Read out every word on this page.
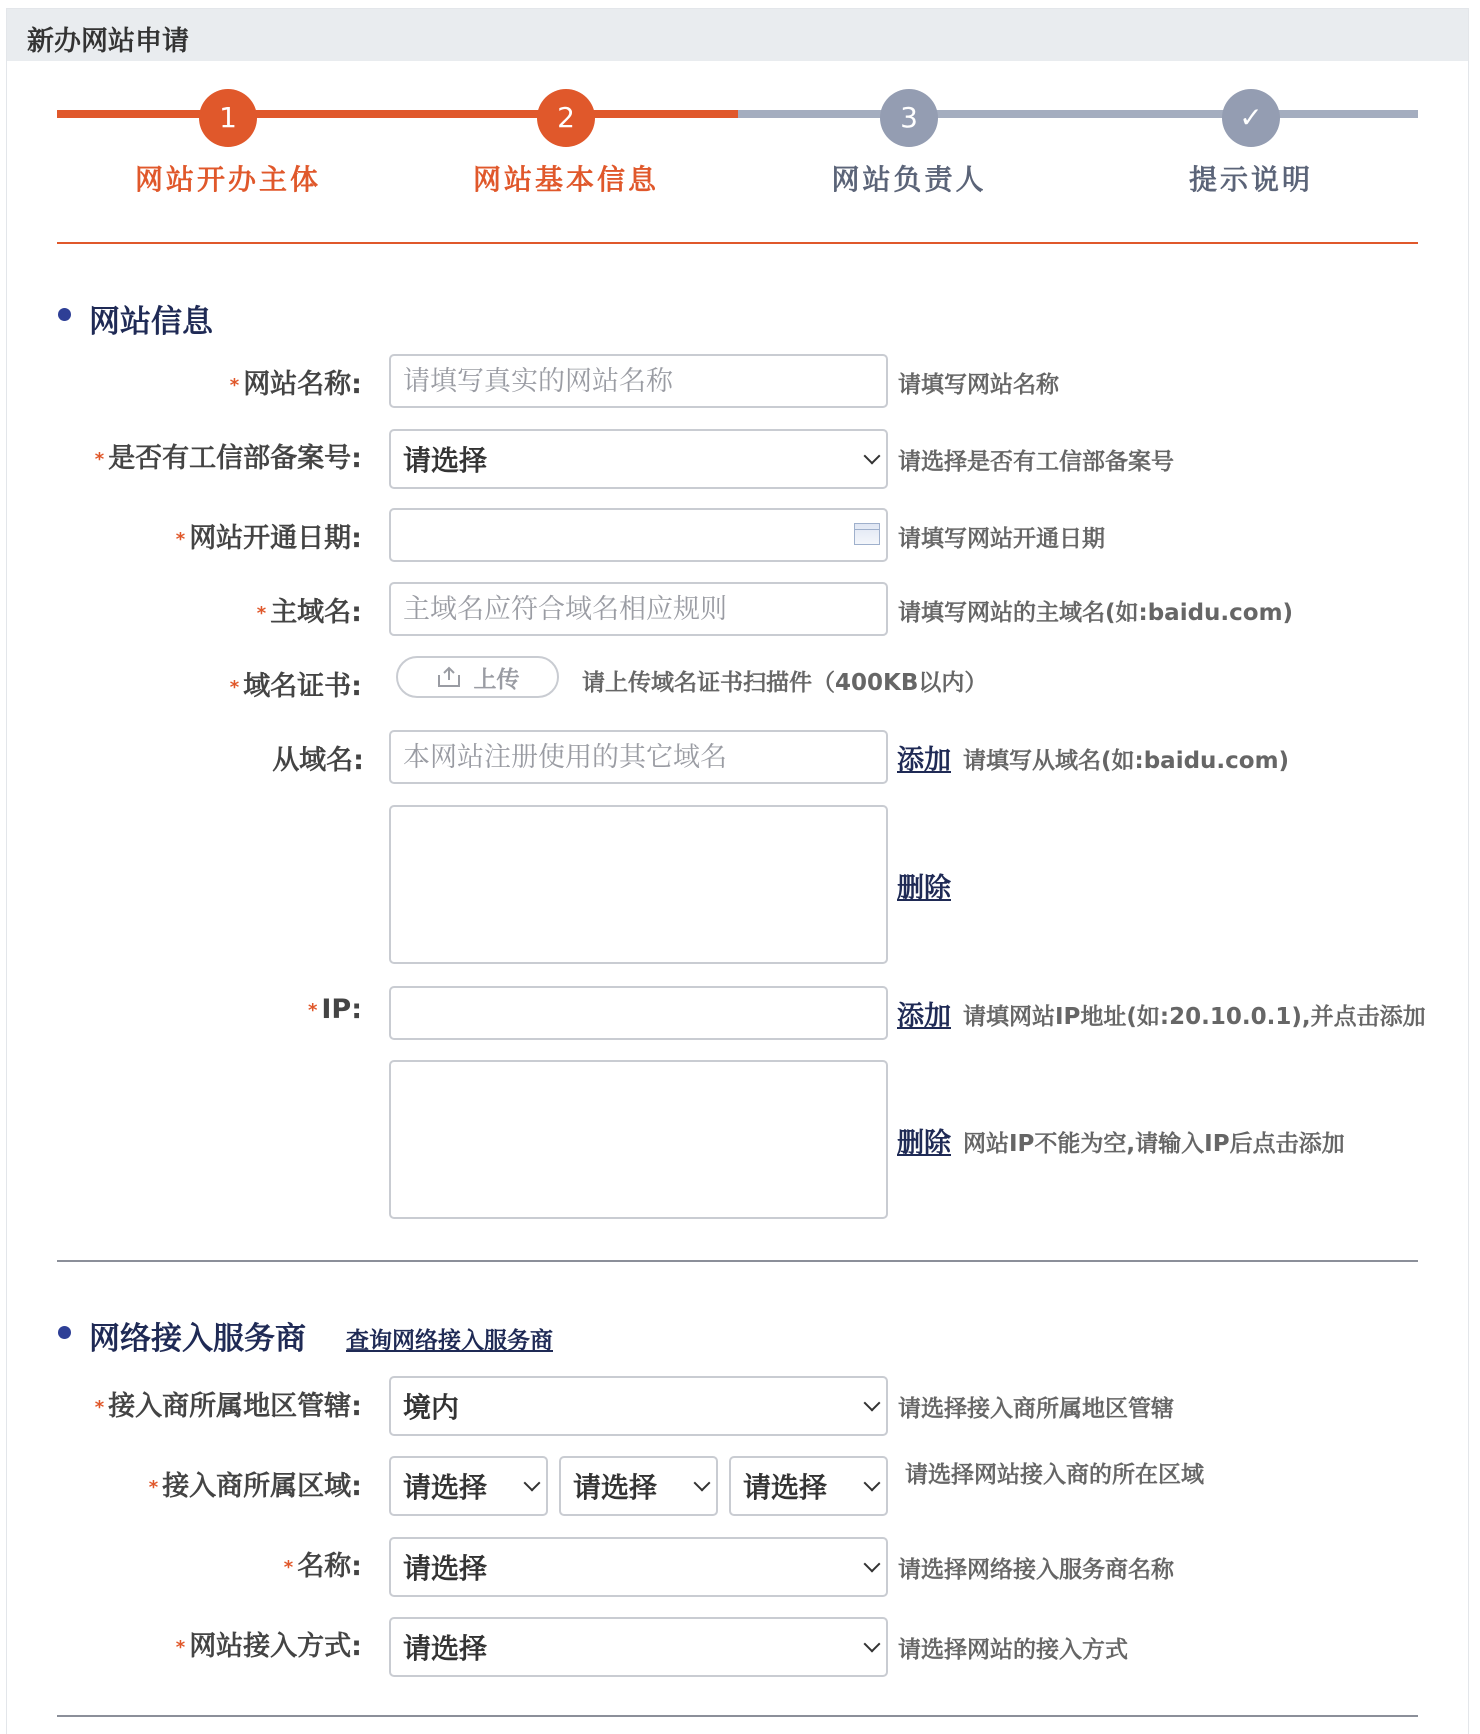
新办网站申请
1	2	3	✓
网站开办主体	网站基本信息	网站负责人	提示说明
网站信息
* 网站名称:
请填写真实的网站名称	请填写网站名称
* 是否有工信部备案号: 请选择	请选择是否有工信部备案号
* 网站开通日期:	请填写网站开通日期
* 主域名:
主域名应符合域名相应规则	请填写网站的主域名(如:baidu.com)
* 域名证书:	上传	请上传域名证书扫描件（400KB以内）
从域名:
本网站注册使用的其它域名	添加 请填写从域名(如:baidu.com)
删除
* IP:	添加 请填网站IP地址(如:20.10.0.1),并点击添加
删除 网站IP不能为空,请输入IP后点击添加
网络接入服务商 查询网络接入服务商
* 接入商所属地区管辖: 境内	请选择接入商所属地区管辖
* 接入商所属区域: 请选择	请选择	请选择	请选择网站接入商的所在区域
* 名称: 请选择	请选择网络接入服务商名称
* 网站接入方式: 请选择	请选择网站的接入方式
